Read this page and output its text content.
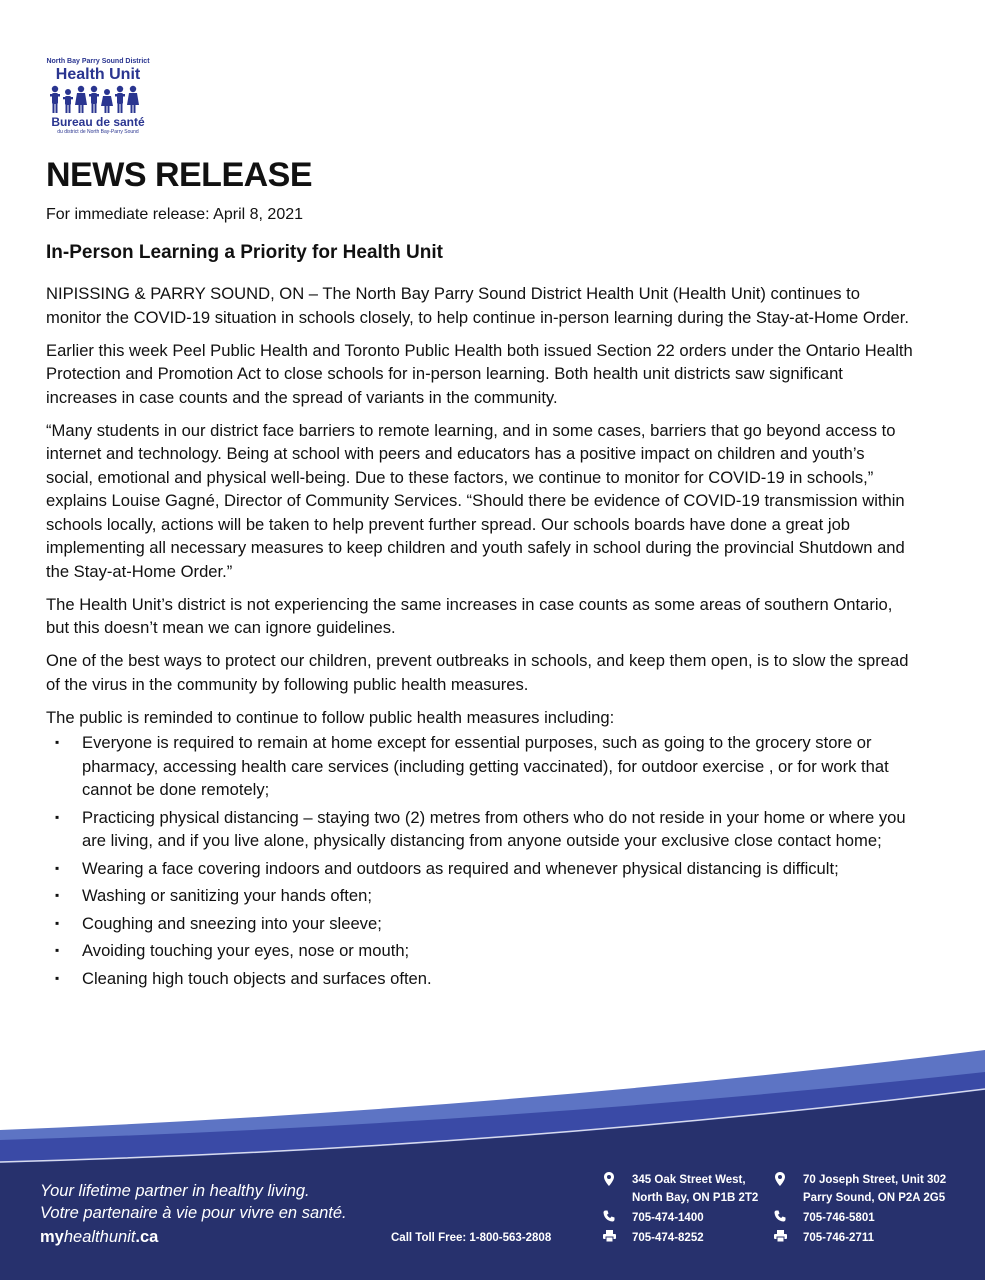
North Bay Parry Sound District
Health Unit
Bureau de santé
du district de North Bay-Parry Sound
NEWS RELEASE
For immediate release: April 8, 2021
In-Person Learning a Priority for Health Unit

NIPISSING & PARRY SOUND, ON – The North Bay Parry Sound District Health Unit (Health Unit) continues to monitor the COVID-19 situation in schools closely, to help continue in-person learning during the Stay-at-Home Order.

Earlier this week Peel Public Health and Toronto Public Health both issued Section 22 orders under the Ontario Health Protection and Promotion Act to close schools for in-person learning. Both health unit districts saw significant increases in case counts and the spread of variants in the community.

“Many students in our district face barriers to remote learning, and in some cases, barriers that go beyond access to internet and technology. Being at school with peers and educators has a positive impact on children and youth’s social, emotional and physical well-being. Due to these factors, we continue to monitor for COVID-19 in schools,” explains Louise Gagné, Director of Community Services. “Should there be evidence of COVID-19 transmission within schools locally, actions will be taken to help prevent further spread. Our schools boards have done a great job implementing all necessary measures to keep children and youth safely in school during the provincial Shutdown and the Stay-at-Home Order.”

The Health Unit’s district is not experiencing the same increases in case counts as some areas of southern Ontario, but this doesn’t mean we can ignore guidelines.

One of the best ways to protect our children, prevent outbreaks in schools, and keep them open, is to slow the spread of the virus in the community by following public health measures.

The public is reminded to continue to follow public health measures including:

▪ Everyone is required to remain at home except for essential purposes, such as going to the grocery store or pharmacy, accessing health care services (including getting vaccinated), for outdoor exercise , or for work that cannot be done remotely;
▪ Practicing physical distancing – staying two (2) metres from others who do not reside in your home or where you are living, and if you live alone, physically distancing from anyone outside your exclusive close contact home;
▪ Wearing a face covering indoors and outdoors as required and whenever physical distancing is difficult;
▪ Washing or sanitizing your hands often;
▪ Coughing and sneezing into your sleeve;
▪ Avoiding touching your eyes, nose or mouth;
▪ Cleaning high touch objects and surfaces often.
Your lifetime partner in healthy living.
Votre partenaire à vie pour vivre en santé.
myhealthunit.ca	Call Toll Free: 1-800-563-2808
345 Oak Street West,
North Bay, ON P1B 2T2
705-474-1400
705-474-8252
70 Joseph Street, Unit 302
Parry Sound, ON P2A 2G5
705-746-5801
705-746-2711
